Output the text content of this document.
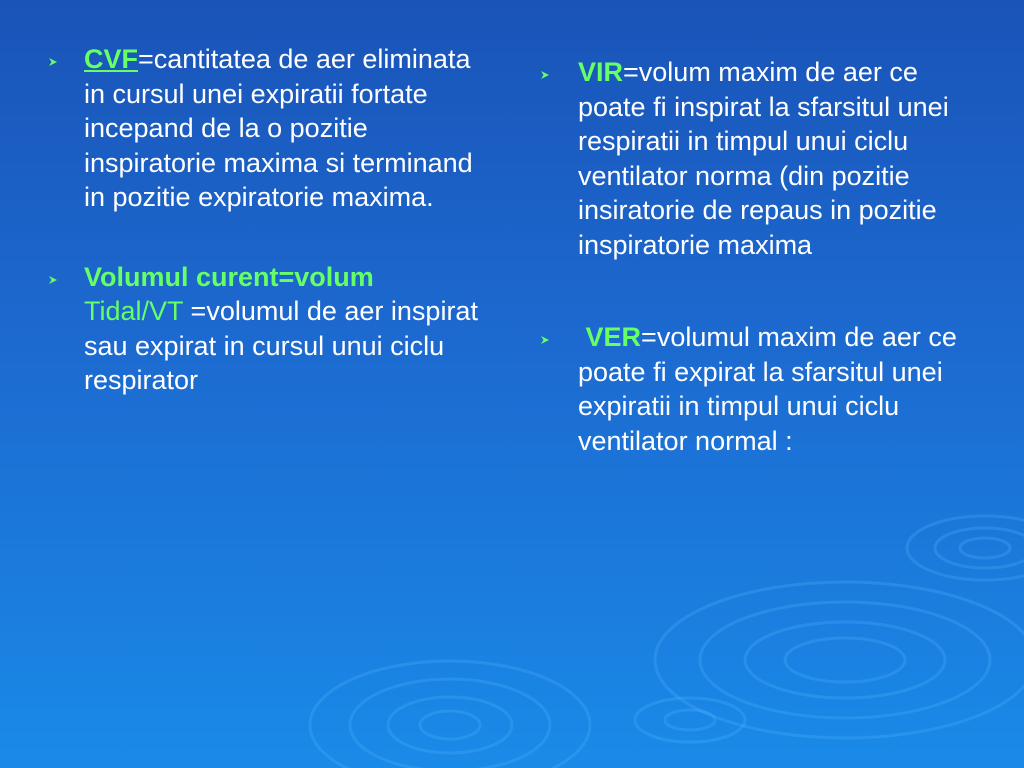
CVF=cantitatea de aer eliminata in cursul unei expiratii fortate incepand de la o pozitie inspiratorie maxima si terminand in pozitie expiratorie maxima.
Volumul curent=volum Tidal/VT =volumul de aer inspirat sau expirat in cursul unui ciclu respirator
VIR=volum maxim de aer ce poate fi inspirat la sfarsitul unei respiratii in timpul unui ciclu ventilator norma (din pozitie insiratorie de repaus in pozitie inspiratorie maxima
VER=volumul maxim de aer ce poate fi expirat la sfarsitul unei expiratii in timpul unui ciclu ventilator normal :
